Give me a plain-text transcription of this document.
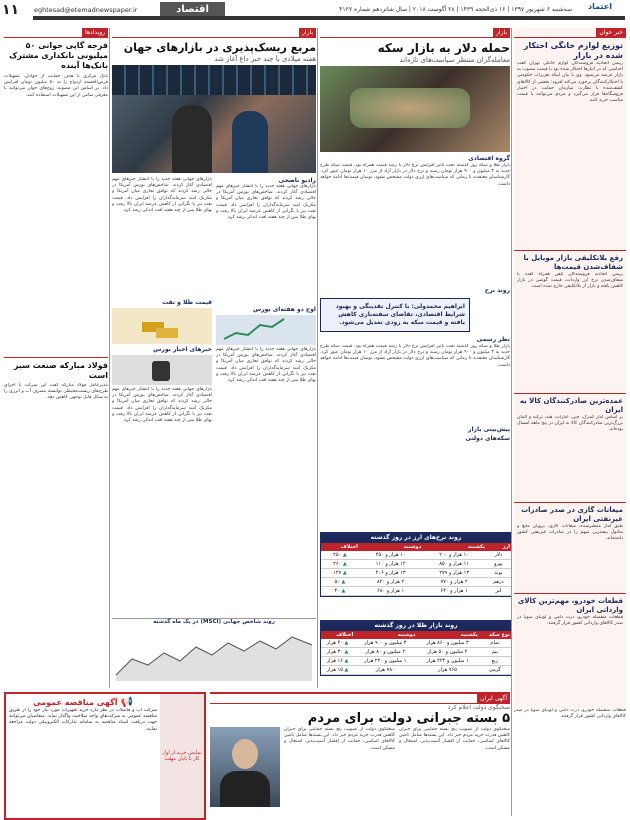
۱۱	eghtesad@etemadnewspaper.ir	اقتصاد	سه‌شنبه ۶ شهریور ۱۳۹۷ | ۱۶ ذی‌الحجه ۱۴۳۹ | ۲۸ آگوست ۲۰۱۸ | سال شانزدهم شماره ۴۱۲۷	اعتماد
خبر خوان
توزیع لوازم خانگی احتکار شده در بازار
رییس اتحادیه فروشندگان لوازم خانگی تهران گفت اجناسی که در انبارها احتکار شده بود با قیمت مصوب به بازار عرضه می‌شود. وی با بیان اینکه تعزیرات حکومتی با احتکارکنندگان برخورد می‌کند افزود: بخشی از کالاهای کشف‌شده با نظارت سازمان حمایت در اختیار فروشگاه‌ها قرار می‌گیرد و مردم می‌توانند با قیمت مناسب خرید کنند.
رفع بلاتکلیفی بازار موبایل با شفاف‌شدن قیمت‌ها
رییس اتحادیه فروشندگان تلفن همراه گفت با شفاف‌شدن نرخ ارز واردات، قیمت گوشی در بازار کاهش یافته و بازار از بلاتکلیفی خارج شده است.
عمده‌ترین صادرکنندگان کالا به ایران
بر اساس آمار گمرک، چین، امارات، هند، ترکیه و آلمان بزرگ‌ترین صادرکنندگان کالا به ایران در پنج ماهه امسال بوده‌اند.
میعانات گازی در صدر صادرات غیرنفتی ایران
طبق آمار منتشرشده، میعانات گازی، پروپان مایع و متانول بیشترین سهم را در صادرات غیرنفتی کشور داشته‌اند.
قطعات خودرو، مهم‌ترین کالای وارداتی ایران
قطعات منفصله خودرو، ذرت دامی و لوبیای سویا در صدر کالاهای وارداتی کشور قرار گرفتند.
بازار
حمله دلار به بازار سکه
معامله‌گران منتظر سیاست‌های تازه‌اند
گروه اقتصادی
بازار طلا و سکه روز گذشته تحت تاثیر افزایش نرخ دلار با رشد قیمت همراه بود. قیمت سکه طرح جدید به ۳ میلیون و ۹۰۰ هزار تومان رسید و نرخ دلار در بازار آزاد از مرز ۱۰ هزار تومان عبور کرد. کارشناسان معتقدند تا زمانی که سیاست‌های ارزی دولت مشخص نشود، نوسان قیمت‌ها ادامه خواهد داشت.
روند نرخ
ابراهیم محمدولی: با کنترل نقدینگی و بهبود شرایط اقتصادی، تقاضای سفته‌بازی کاهش یافته و قیمت سکه به زودی تعدیل می‌شود.
نظر رسمی
بازار طلا و سکه روز گذشته تحت تاثیر افزایش نرخ دلار با رشد قیمت همراه بود. قیمت سکه طرح جدید به ۳ میلیون و ۹۰۰ هزار تومان رسید و نرخ دلار در بازار آزاد از مرز ۱۰ هزار تومان عبور کرد. کارشناسان معتقدند تا زمانی که سیاست‌های ارزی دولت مشخص نشود، نوسان قیمت‌ها ادامه خواهد داشت.
پیش‌بینی بازار
سکه‌های دولتی
روند نرخ‌های ارز در روز گذشته
ارز	یکشنبه	دوشنبه	اختلاف
دلار	۱۰ هزار و ۲۰۰	۱۰ هزار و ۴۵۰	▲ ۲۵۰
یورو	۱۱ هزار و ۸۵۰	۱۲ هزار و ۱۱۰	▲ ۲۶۰
پوند	۱۳ هزار و ۲۷۹	۱۳ هزار و ۴۰۶	▲ ۱۲۷
درهم	۲ هزار و ۷۷۰	۲ هزار و ۸۲۰	▲ ۵۰
لیر	۱ هزار و ۶۴۰	۱ هزار و ۶۸۰	▲ ۴۰
روند بازار طلا در روز گذشته
نوع سکه	یکشنبه	دوشنبه	اختلاف
تمام	۳ میلیون و ۸۶۰ هزار	۳ میلیون و ۹۰۰ هزار	▲ ۴۰ هزار
نیم	۲ میلیون و ۵۰ هزار	۲ میلیون و ۸۰ هزار	▲ ۳۰ هزار
ربع	۱ میلیون و ۲۲۴ هزار	۱ میلیون و ۲۴۰ هزار	▲ ۱۶ هزار
گرمی	۷۶۵ هزار	۷۸۰ هزار	▲ ۱۵ هزار
بازار
مربع ریسک‌پذیری در بازارهای جهان
هفته میلادی با چند خبر داغ آغاز شد
رادیو ناصحی
بازارهای جهانی هفته جدید را با انتشار خبرهای مهم اقتصادی آغاز کردند. شاخص‌های بورس آمریکا در حالی رشد کردند که توافق تجاری میان آمریکا و مکزیک امید سرمایه‌گذاران را افزایش داد. قیمت نفت نیز با نگرانی از کاهش عرضه ایران بالا رفت و بهای طلا پس از چند هفته افت اندکی رشد کرد.
اوج دو هفته‌ای بورس
بازارهای جهانی هفته جدید را با انتشار خبرهای مهم اقتصادی آغاز کردند. شاخص‌های بورس آمریکا در حالی رشد کردند که توافق تجاری میان آمریکا و مکزیک امید سرمایه‌گذاران را افزایش داد. قیمت نفت نیز با نگرانی از کاهش عرضه ایران بالا رفت و بهای طلا پس از چند هفته افت اندکی رشد کرد.
بازارهای جهانی هفته جدید را با انتشار خبرهای مهم اقتصادی آغاز کردند. شاخص‌های بورس آمریکا در حالی رشد کردند که توافق تجاری میان آمریکا و مکزیک امید سرمایه‌گذاران را افزایش داد. قیمت نفت نیز با نگرانی از کاهش عرضه ایران بالا رفت و بهای طلا پس از چند هفته افت اندکی رشد کرد.
قیمت طلا و نفت
خبرهای اخبار بورس
بازارهای جهانی هفته جدید را با انتشار خبرهای مهم اقتصادی آغاز کردند. شاخص‌های بورس آمریکا در حالی رشد کردند که توافق تجاری میان آمریکا و مکزیک امید سرمایه‌گذاران را افزایش داد. قیمت نفت نیز با نگرانی از کاهش عرضه ایران بالا رفت و بهای طلا پس از چند هفته افت اندکی رشد کرد.
روند شاخص جهانی (MSCI) در یک ماه گذشته
رویدادها
فرجه گاپی جوانی ۵۰ میلیونی بانکداری مشترک بانک‌ها آینده
بانک مرکزی با هدف حمایت از جوانان، تسهیلات قرض‌الحسنه ازدواج را به ۵۰ میلیون تومان افزایش داد. بر اساس این مصوبه، زوج‌های جوان می‌توانند با معرفی ضامن از این تسهیلات استفاده کنند.
فولاد مبارکه صنعت سبز است
مدیرعامل فولاد مبارکه گفت این شرکت با اجرای طرح‌های زیست‌محیطی توانسته مصرف آب و انرژی را به شکل قابل توجهی کاهش دهد.
آگهی ایران
سخنگوی دولت اعلام کرد
۵ بسته جبرانی دولت برای مردم
سخنگوی دولت از تصویب پنج بسته حمایتی برای جبران کاهش قدرت خرید مردم خبر داد. این بسته‌ها شامل تامین کالاهای اساسی، حمایت از اقشار آسیب‌پذیر، اشتغال و مسکن است.
سخنگوی دولت از تصویب پنج بسته حمایتی برای جبران کاهش قدرت خرید مردم خبر داد. این بسته‌ها شامل تامین کالاهای اساسی، حمایت از اقشار آسیب‌پذیر، اشتغال و مسکن است.
قطعات منفصله خودرو، ذرت دامی و لوبیای سویا در صدر کالاهای وارداتی کشور قرار گرفتند.
نمایش خرید از اول کار تا پایان مهلت
📢
آگهی مناقصه عمومی
شرکت آب و فاضلاب در نظر دارد خرید تجهیزات مورد نیاز خود را از طریق مناقصه عمومی به شرکت‌های واجد صلاحیت واگذار نماید. متقاضیان می‌توانند جهت دریافت اسناد مناقصه به سامانه تدارکات الکترونیکی دولت مراجعه نمایند.
